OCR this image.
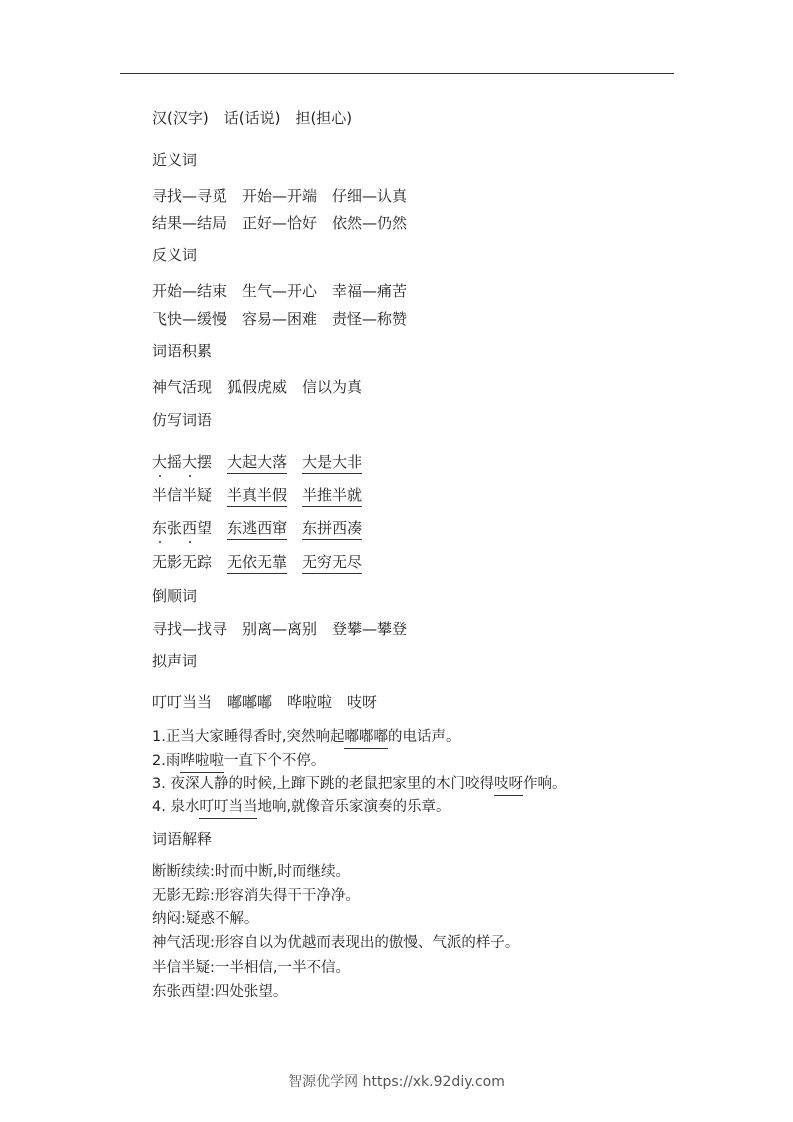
汉(汉字) 话(话说) 担(担心)
近义词
寻找—寻觅 开始—开端 仔细—认真
结果—结局 正好—恰好 依然—仍然
反义词
开始—结束 生气—开心 幸福—痛苦
飞快—缓慢 容易—困难 责怪—称赞
词语积累
神气活现 狐假虎威 信以为真
仿写词语
大摇大摆 大起大落 大是大非
半信半疑 半真半假 半推半就
东张西望 东逃西窜 东拼西凑
无影无踪 无依无靠 无穷无尽
倒顺词
寻找—找寻 别离—离别 登攀—攀登
拟声词
叮叮当当 嘟嘟嘟 哗啦啦 吱呀
1.正当大家睡得香时,突然响起嘟嘟嘟的电话声。
2.雨哗啦啦一直下个不停。
3. 夜深人静的时候,上蹿下跳的老鼠把家里的木门咬得吱呀作响。
4. 泉水叮叮当当地响,就像音乐家演奏的乐章。
词语解释
断断续续:时而中断,时而继续。
无影无踪:形容消失得干干净净。
纳闷:疑惑不解。
神气活现:形容自以为优越而表现出的傲慢、气派的样子。
半信半疑:一半相信,一半不信。
东张西望:四处张望。
智源优学网 https://xk.92diy.com
